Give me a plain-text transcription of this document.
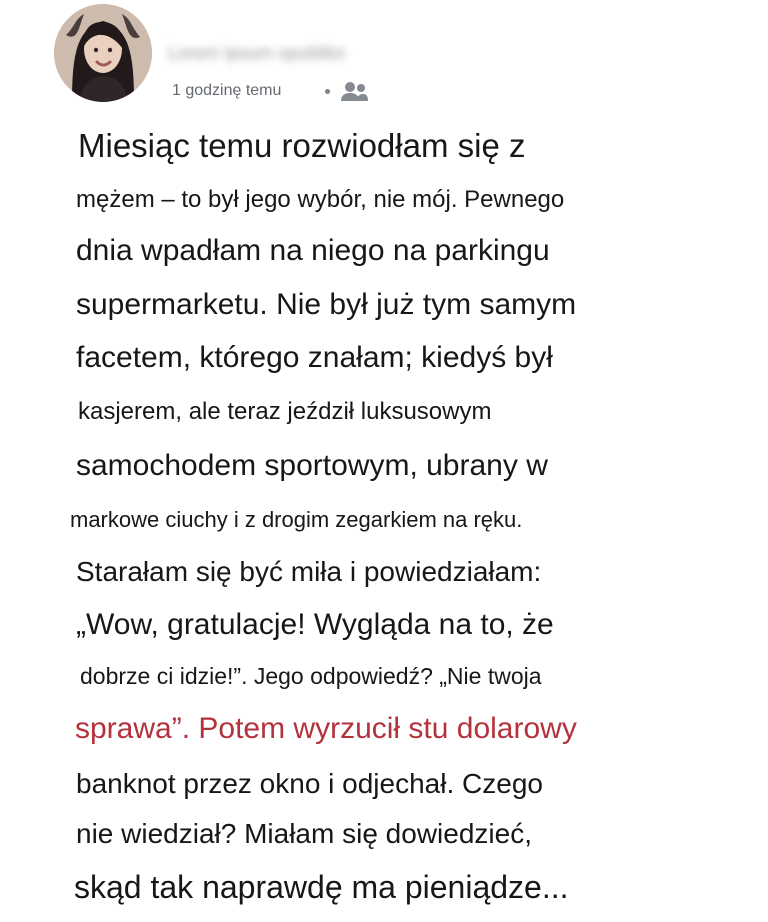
Lorem Ipsum opubliko
1 godzinę temu
Miesiąc temu rozwiodłam się z
mężem – to był jego wybór, nie mój. Pewnego
dnia wpadłam na niego na parkingu
supermarketu. Nie był już tym samym
facetem, którego znałam; kiedyś był
kasjerem, ale teraz jeździł luksusowym
samochodem sportowym, ubrany w
markowe ciuchy i z drogim zegarkiem na ręku.
Starałam się być miła i powiedziałam:
„Wow, gratulacje! Wygląda na to, że
dobrze ci idzie!”. Jego odpowiedź? „Nie twoja
sprawa”. Potem wyrzucił stu dolarowy
banknot przez okno i odjechał. Czego
nie wiedział? Miałam się dowiedzieć,
skąd tak naprawdę ma pieniądze...
